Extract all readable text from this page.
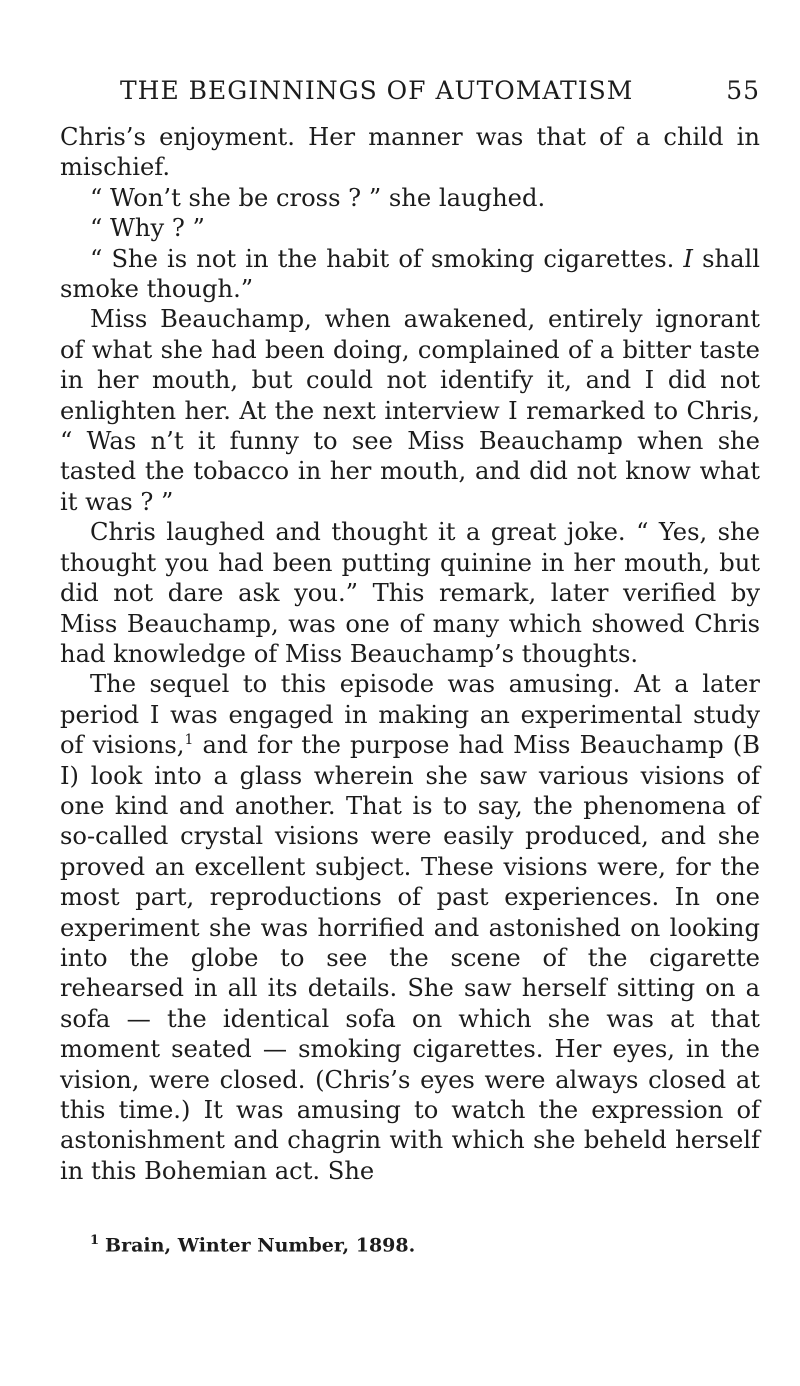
THE BEGINNINGS OF AUTOMATISM	55

Chris’s enjoyment. Her manner was that of a child in mischief.

“ Won’t she be cross ? ” she laughed.

“ Why ? ”

“ She is not in the habit of smoking cigarettes. I shall smoke though.”

Miss Beauchamp, when awakened, entirely ignorant of what she had been doing, complained of a bitter taste in her mouth, but could not identify it, and I did not enlighten her. At the next interview I remarked to Chris, “ Was n’t it funny to see Miss Beauchamp when she tasted the tobacco in her mouth, and did not know what it was ? ”

Chris laughed and thought it a great joke. “ Yes, she thought you had been putting quinine in her mouth, but did not dare ask you.” This remark, later verified by Miss Beauchamp, was one of many which showed Chris had knowledge of Miss Beauchamp’s thoughts.

The sequel to this episode was amusing. At a later period I was engaged in making an experimental study of visions,$^1$ and for the purpose had Miss Beauchamp (B I) look into a glass wherein she saw various visions of one kind and another. That is to say, the phenomena of so-called crystal visions were easily produced, and she proved an excellent subject. These visions were, for the most part, reproductions of past experiences. In one experiment she was horrified and astonished on looking into the globe to see the scene of the cigarette rehearsed in all its details. She saw herself sitting on a sofa — the identical sofa on which she was at that moment seated — smoking cigarettes. Her eyes, in the vision, were closed. (Chris’s eyes were always closed at this time.) It was amusing to watch the expression of astonishment and chagrin with which she beheld herself in this Bohemian act. She

$^1$ Brain, Winter Number, 1898.
